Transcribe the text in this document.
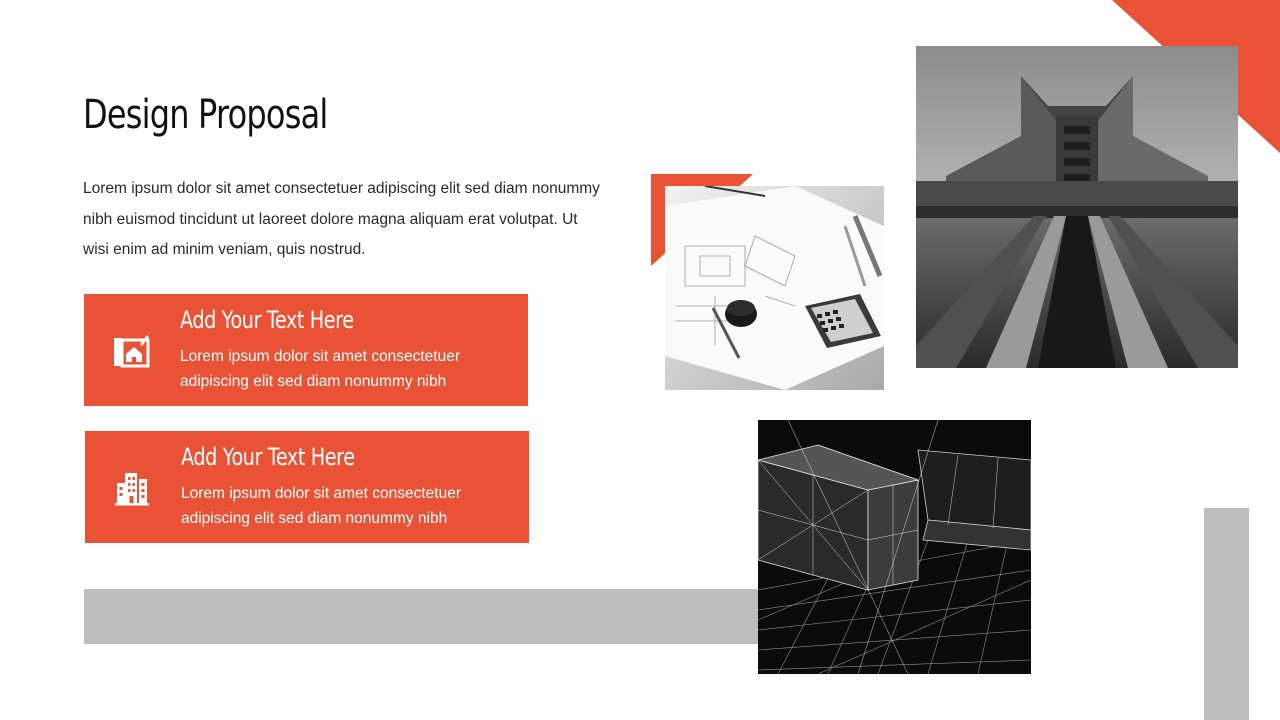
Design Proposal

Lorem ipsum dolor sit amet consectetuer adipiscing elit sed diam nonummy nibh euismod tincidunt ut laoreet dolore magna aliquam erat volutpat. Ut wisi enim ad minim veniam, quis nostrud.

Add Your Text Here

Lorem ipsum dolor sit amet consectetuer adipiscing elit sed diam nonummy nibh

Add Your Text Here

Lorem ipsum dolor sit amet consectetuer adipiscing elit sed diam nonummy nibh
